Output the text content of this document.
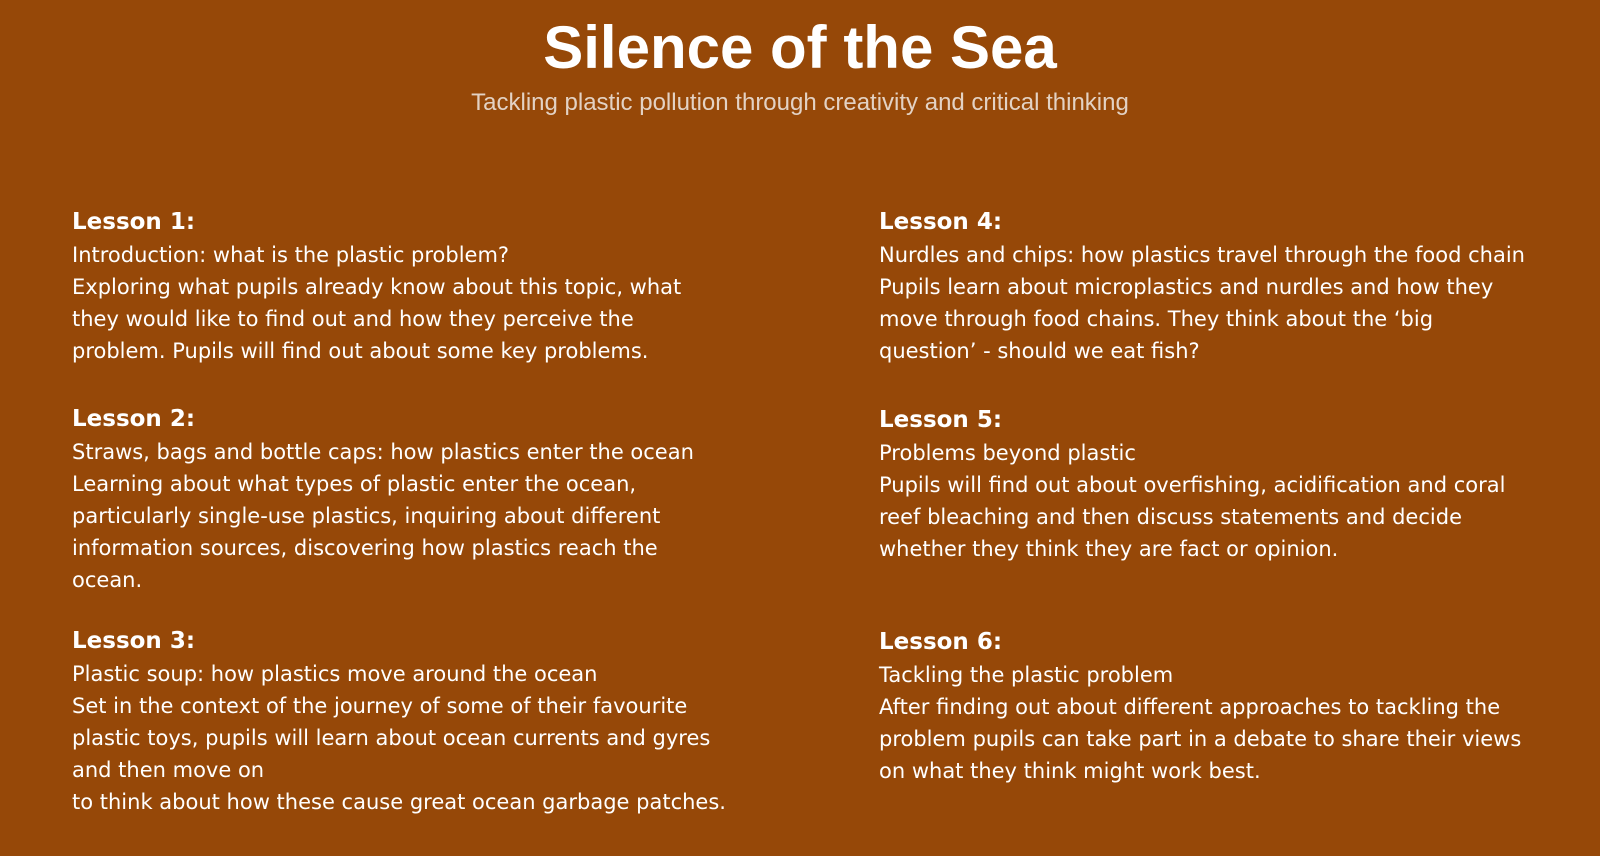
Silence of the Sea

Tackling plastic pollution through creativity and critical thinking

Lesson 1:
Introduction: what is the plastic problem?
Exploring what pupils already know about this topic, what
they would like to find out and how they perceive the
problem. Pupils will find out about some key problems.
Lesson 2:
Straws, bags and bottle caps: how plastics enter the ocean
Learning about what types of plastic enter the ocean,
particularly single-use plastics, inquiring about different
information sources, discovering how plastics reach the
ocean.
Lesson 3:
Plastic soup: how plastics move around the ocean
Set in the context of the journey of some of their favourite
plastic toys, pupils will learn about ocean currents and gyres
and then move on
to think about how these cause great ocean garbage patches.
Lesson 4:
Nurdles and chips: how plastics travel through the food chain
Pupils learn about microplastics and nurdles and how they
move through food chains. They think about the ‘big
question’ - should we eat fish?
Lesson 5:
Problems beyond plastic
Pupils will find out about overfishing, acidification and coral
reef bleaching and then discuss statements and decide
whether they think they are fact or opinion.
Lesson 6:
Tackling the plastic problem
After finding out about different approaches to tackling the
problem pupils can take part in a debate to share their views
on what they think might work best.
